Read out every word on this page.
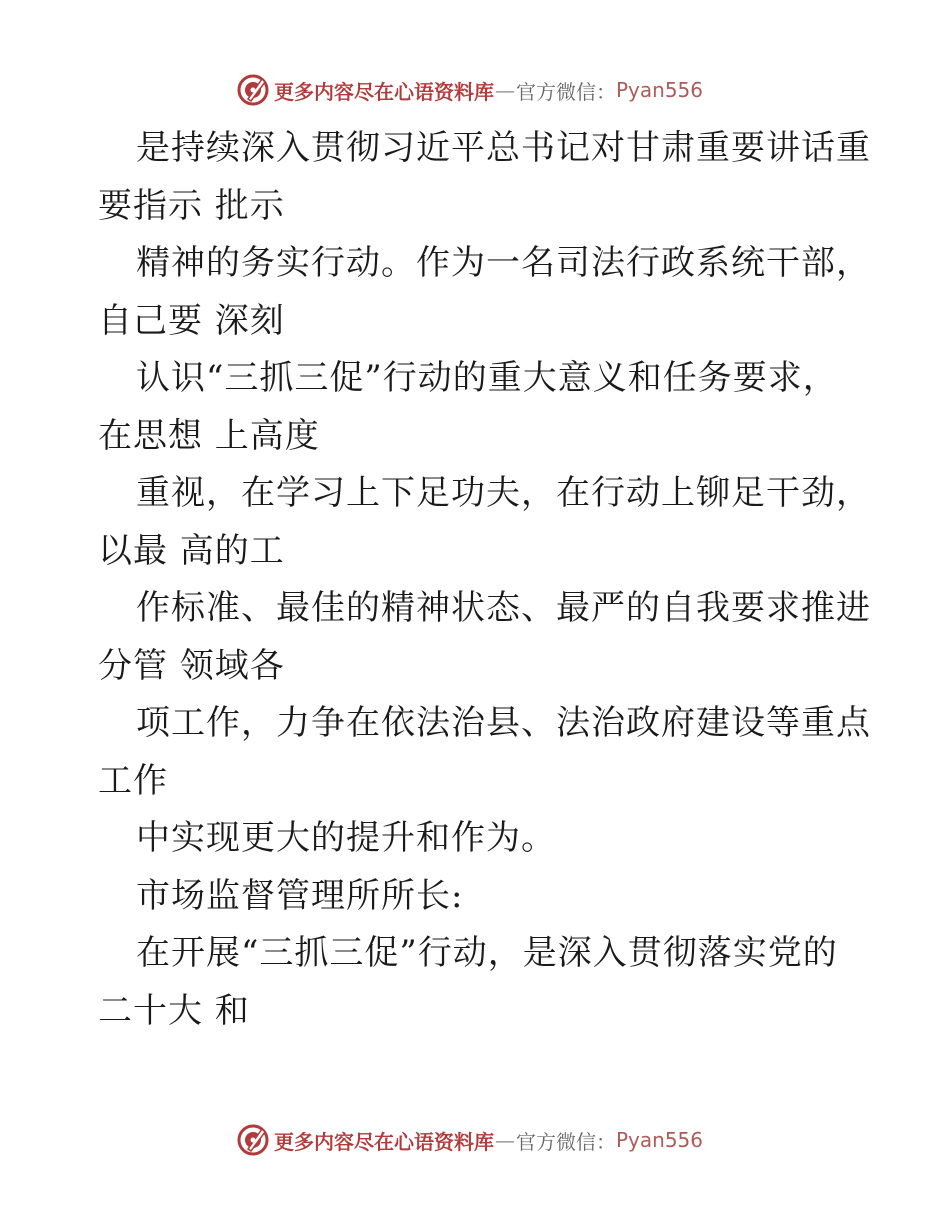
更多内容尽在心语资料库 — 官方微信： Pyan556
是持续深入贯彻习近平总书记对甘肃重要讲话重
要指示 批示
精神的务实行动。作为一名司法行政系统干部，
自己要 深刻
认识“三抓三促”行动的重大意义和任务要求，
在思想 上高度
重视，在学习上下足功夫，在行动上铆足干劲，
以最 高的工
作标准、最佳的精神状态、最严的自我要求推进
分管 领域各
项工作，力争在依法治县、法治政府建设等重点
工作
中实现更大的提升和作为。
市场监督管理所所长:
在开展“三抓三促”行动，是深入贯彻落实党的
二十大 和
更多内容尽在心语资料库 — 官方微信： Pyan556
